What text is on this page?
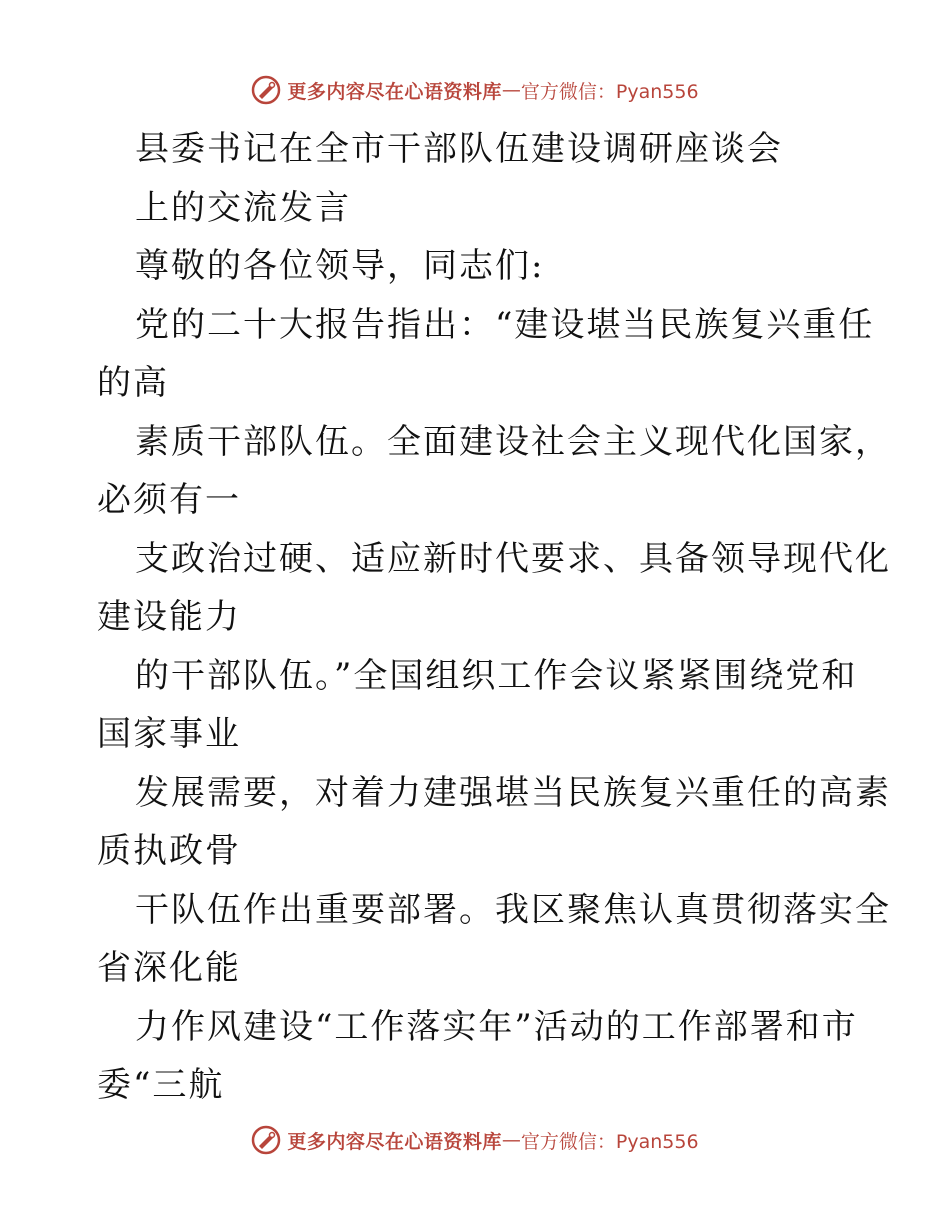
更多内容尽在心语资料库 — 官方微信：Pyan556
县委书记在全市干部队伍建设调研座谈会
上的交流发言
尊敬的各位领导，同志们:
党的二十大报告指出：“建设堪当民族复兴重任
的高
素质干部队伍。全面建设社会主义现代化国家，
必须有一
支政治过硬、适应新时代要求、具备领导现代化
建设能力
的干部队伍。”全国组织工作会议紧紧围绕党和
国家事业
发展需要，对着力建强堪当民族复兴重任的高素
质执政骨
干队伍作出重要部署。我区聚焦认真贯彻落实全
省深化能
力作风建设“工作落实年”活动的工作部署和市
委“三航
更多内容尽在心语资料库 — 官方微信：Pyan556
